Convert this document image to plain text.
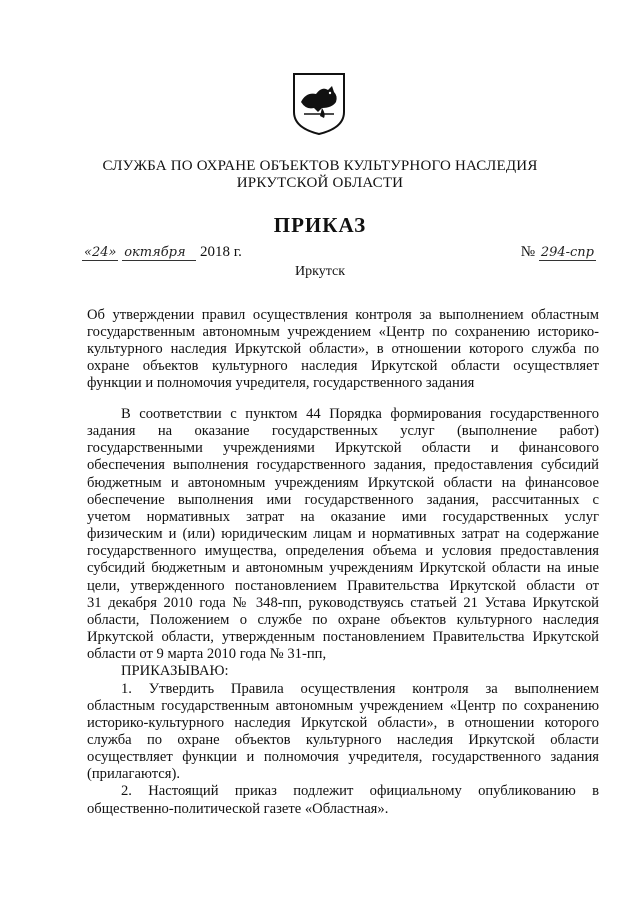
СЛУЖБА ПО ОХРАНЕ ОБЪЕКТОВ КУЛЬТУРНОГО НАСЛЕДИЯ
ИРКУТСКОЙ ОБЛАСТИ
ПРИКАЗ
«24» октября 2018 г.	№ 294-спр
Иркутск
Об утверждении правил осуществления контроля за выполнением областным
государственным автономным учреждением «Центр по сохранению историко-
культурного наследия Иркутской области», в отношении которого служба по
охране объектов культурного наследия Иркутской области осуществляет
функции и полномочия учредителя, государственного задания
В соответствии с пунктом 44 Порядка формирования государственного
задания на оказание государственных услуг (выполнение работ)
государственными учреждениями Иркутской области и финансового
обеспечения выполнения государственного задания, предоставления субсидий
бюджетным и автономным учреждениям Иркутской области на финансовое
обеспечение выполнения ими государственного задания, рассчитанных с
учетом нормативных затрат на оказание ими государственных услуг
физическим и (или) юридическим лицам и нормативных затрат на содержание
государственного имущества, определения объема и условия предоставления
субсидий бюджетным и автономным учреждениям Иркутской области на иные
цели, утвержденного постановлением Правительства Иркутской области от
31 декабря 2010 года № 348-пп, руководствуясь статьей 21 Устава Иркутской
области, Положением о службе по охране объектов культурного наследия
Иркутской области, утвержденным постановлением Правительства Иркутской
области от 9 марта 2010 года № 31-пп,
ПРИКАЗЫВАЮ:
1. Утвердить Правила осуществления контроля за выполнением
областным государственным автономным учреждением «Центр по сохранению
историко-культурного наследия Иркутской области», в отношении которого
служба по охране объектов культурного наследия Иркутской области
осуществляет функции и полномочия учредителя, государственного задания
(прилагаются).
2. Настоящий приказ подлежит официальному опубликованию в
общественно-политической газете «Областная».
